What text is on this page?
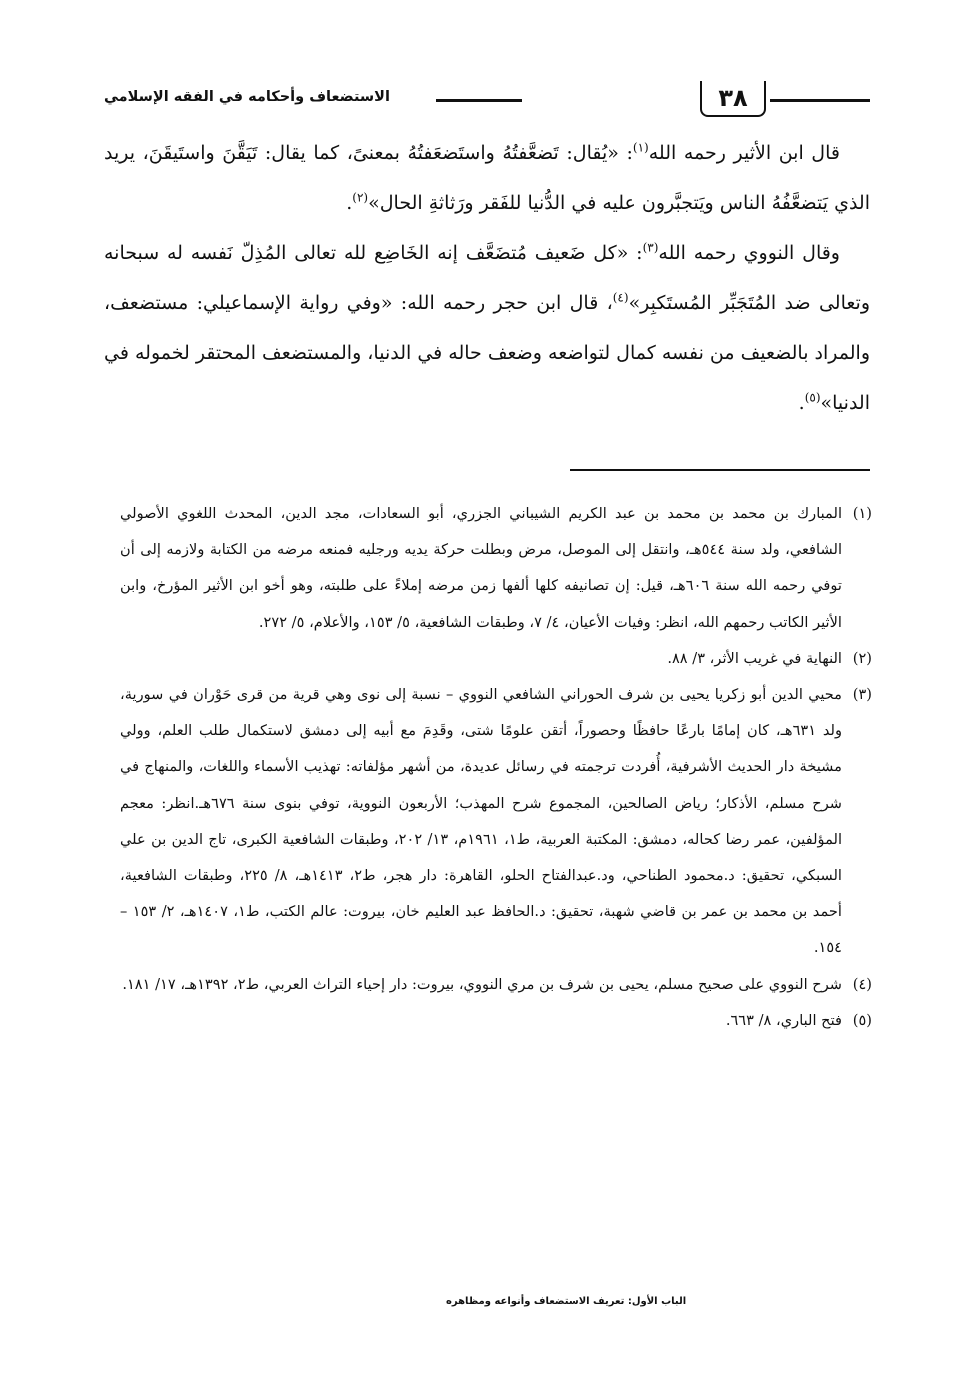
٣٨
الاستضعاف وأحكامه في الفقه الإسلامي

قال ابن الأثير رحمه الله$^{(١)}$: «يُقال: تَضعَّفتُهُ واستَضعَفتُهُ بمعنىً، كما يقال: تَيَقَّنَ واستَيقَنَ، يريد الذي يَتضعَّفُهُ الناس ويَتجبَّرون عليه في الدُّنيا للفَقر ورَثاثةِ الحال»$^{(٢)}$.

وقال النووي رحمه الله$^{(٣)}$: «كل ضَعيف مُتضَعَّف إنه الخَاضِع لله تعالى المُذِلّ نَفسه له سبحانه وتعالى ضد المُتَجَبِّر المُستَكبِر»$^{(٤)}$، قال ابن حجر رحمه الله: «وفي رواية الإسماعيلي: مستضعف، والمراد بالضعيف من نفسه كمال لتواضعه وضعف حاله في الدنيا، والمستضعف المحتقر لخموله في الدنيا»$^{(٥)}$.

(١)المبارك بن محمد بن محمد بن عبد الكريم الشيباني الجزري، أبو السعادات، مجد الدين، المحدث اللغوي الأصولي الشافعي، ولد سنة ٥٤٤هـ، وانتقل إلى الموصل، مرض وبطلت حركة يديه ورجليه فمنعه مرضه من الكتابة ولازمه إلى أن توفي رحمه الله سنة ٦٠٦هـ، قيل: إن تصانيفه كلها ألفها زمن مرضه إملاءً على طلبته، وهو أخو ابن الأثير المؤرخ، وابن الأثير الكاتب رحمهم الله، انظر: وفيات الأعيان، ٤/ ٧، وطبقات الشافعية، ٥/ ١٥٣، والأعلام، ٥/ ٢٧٢.

(٢)النهاية في غريب الأثر، ٣/ ٨٨.

(٣)محيي الدين أبو زكريا يحيى بن شرف الحوراني الشافعي النووي – نسبة إلى نوى وهي قرية من قرى حَوْران في سورية، ولد ٦٣١هـ، كان إمامًا بارعًا حافظًا وحصوراً، أتقن علومًا شتى، وقَدِمَ مع أبيه إلى دمشق لاستكمال طلب العلم، وولي مشيخة دار الحديث الأشرفية، أُفردت ترجمته في رسائل عديدة، من أشهر مؤلفاته: تهذيب الأسماء واللغات، والمنهاج في شرح مسلم، الأذكار؛ رياض الصالحين، المجموع شرح المهذب؛ الأربعون النووية، توفي بنوى سنة ٦٧٦هـ.انظر: معجم المؤلفين، عمر رضا كحاله، دمشق: المكتبة العربية، ط١، ١٩٦١م، ١٣/ ٢٠٢، وطبقات الشافعية الكبرى، تاج الدين بن علي السبكي، تحقيق: د.محمود الطناحي، ود.عبدالفتاح الحلو، القاهرة: دار هجر، ط٢، ١٤١٣هـ، ٨/ ٢٢٥، وطبقات الشافعية، أحمد بن محمد بن عمر بن قاضي شهبة، تحقيق: د.الحافظ عبد العليم خان، بيروت: عالم الكتب، ط١، ١٤٠٧هـ، ٢/ ١٥٣ – ١٥٤.

(٤)شرح النووي على صحيح مسلم، يحيى بن شرف بن مري النووي، بيروت: دار إحياء التراث العربي، ط٢، ١٣٩٢هـ، ١٧/ ١٨١.

(٥)فتح الباري، ٨/ ٦٦٣.

الباب الأول: تعريف الاستضعاف وأنواعه ومظاهره
